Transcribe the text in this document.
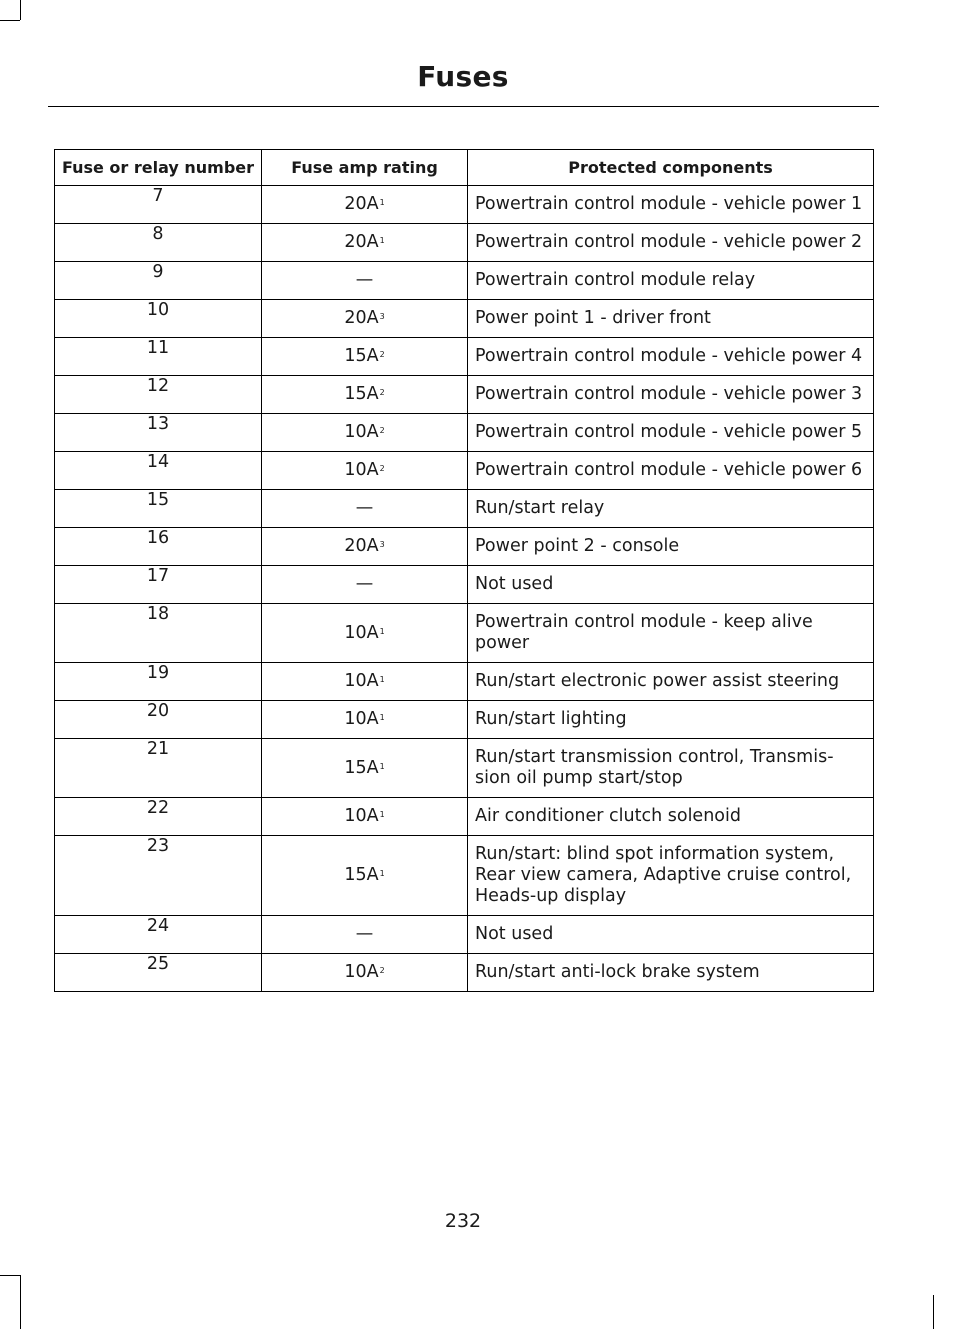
Fuses
Fuse or relay number	Fuse amp rating	Protected components
7	$20A^1$	Powertrain control module - vehicle power 1
8	$20A^1$	Powertrain control module - vehicle power 2
9	—	Powertrain control module relay
10	$20A^3$	Power point 1 - driver front
11	$15A^2$	Powertrain control module - vehicle power 4
12	$15A^2$	Powertrain control module - vehicle power 3
13	$10A^2$	Powertrain control module - vehicle power 5
14	$10A^2$	Powertrain control module - vehicle power 6
15	—	Run/start relay
16	$20A^3$	Power point 2 - console
17	—	Not used
18	$10A^1$	Powertrain control module - keep alive power
19	$10A^1$	Run/start electronic power assist steering
20	$10A^1$	Run/start lighting
21	$15A^1$	Run/start transmission control, Transmis-sion oil pump start/stop
22	$10A^1$	Air conditioner clutch solenoid
23	$15A^1$	Run/start: blind spot information system, Rear view camera, Adaptive cruise control, Heads-up display
24	—	Not used
25	$10A^2$	Run/start anti-lock brake system
232
